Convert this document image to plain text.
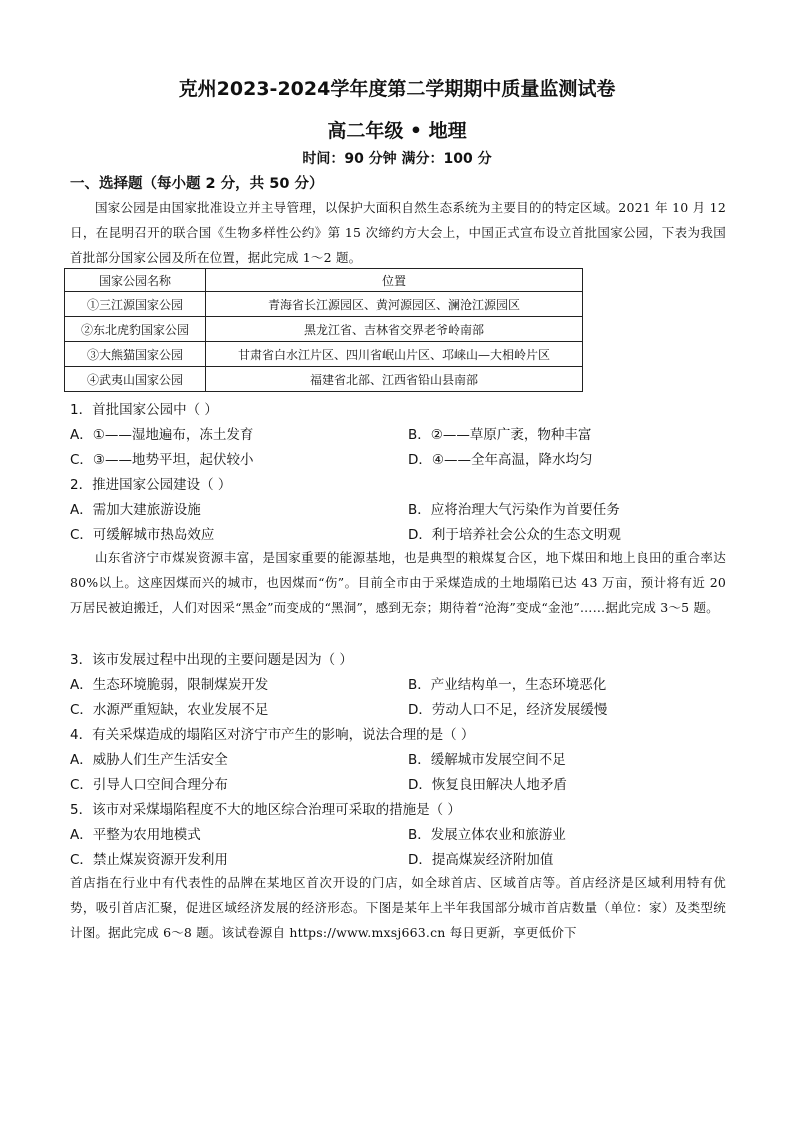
克州2023-2024学年度第二学期期中质量监测试卷
高二年级 • 地理
时间：90 分钟 满分：100 分
一、选择题（每小题 2 分，共 50 分）
国家公园是由国家批准设立并主导管理，以保护大面积自然生态系统为主要目的的特定区域。2021 年 10 月 12 日，在昆明召开的联合国《生物多样性公约》第 15 次缔约方大会上，中国正式宣布设立首批国家公园，下表为我国首批部分国家公园及所在位置，据此完成 1～2 题。
国家公园名称	位置
①三江源国家公园	青海省长江源园区、黄河源园区、澜沧江源园区
②东北虎豹国家公园	黑龙江省、吉林省交界老爷岭南部
③大熊猫国家公园	甘肃省白水江片区、四川省岷山片区、邛崃山—大相岭片区
④武夷山国家公园	福建省北部、江西省铅山县南部
1．首批国家公园中（ ）
A．①——湿地遍布，冻土发育	B．②——草原广袤，物种丰富
C．③——地势平坦，起伏较小	D．④——全年高温，降水均匀
2．推进国家公园建设（ ）
A．需加大建旅游设施	B．应将治理大气污染作为首要任务
C．可缓解城市热岛效应	D．利于培养社会公众的生态文明观
山东省济宁市煤炭资源丰富，是国家重要的能源基地，也是典型的粮煤复合区，地下煤田和地上良田的重合率达 80%以上。这座因煤而兴的城市，也因煤而“伤”。目前全市由于采煤造成的土地塌陷已达 43 万亩，预计将有近 20 万居民被迫搬迁，人们对因采“黑金”而变成的“黑洞”，感到无奈；期待着“沧海”变成“金池”……据此完成 3～5 题。
3．该市发展过程中出现的主要问题是因为（ ）
A．生态环境脆弱，限制煤炭开发	B．产业结构单一，生态环境恶化
C．水源严重短缺，农业发展不足	D．劳动人口不足，经济发展缓慢
4．有关采煤造成的塌陷区对济宁市产生的影响，说法合理的是（ ）
A．威胁人们生产生活安全	B．缓解城市发展空间不足
C．引导人口空间合理分布	D．恢复良田解决人地矛盾
5．该市对采煤塌陷程度不大的地区综合治理可采取的措施是（ ）
A．平整为农用地模式	B．发展立体农业和旅游业
C．禁止煤炭资源开发利用	D．提高煤炭经济附加值
首店指在行业中有代表性的品牌在某地区首次开设的门店，如全球首店、区域首店等。首店经济是区域利用特有优势，吸引首店汇聚，促进区域经济发展的经济形态。下图是某年上半年我国部分城市首店数量（单位：家）及类型统计图。据此完成 6～8 题。该试卷源自 https://www.mxsj663.cn 每日更新，享更低价下
